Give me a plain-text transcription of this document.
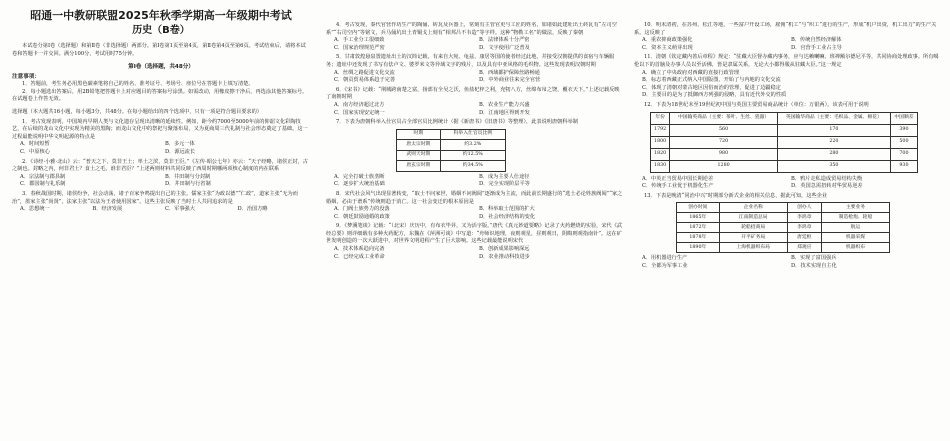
昭通一中教研联盟2025年秋季学期高一年级期中考试
历史（B卷）
本试卷分第Ⅰ卷（选择题）和第Ⅱ卷（非选择题）两部分。第Ⅰ卷第1页至第4页，第Ⅱ卷第4页至第6页。考试结束后，请将本试卷和答题卡一并交回。满分100分，考试用时75分钟。
第Ⅰ卷（选择题，共48分）
注意事项：
1．答题前，考生务必用黑色碳素笔将自己的姓名、准考证号、考场号、座位号在答题卡上填写清楚。
2．每小题选出答案后，用2B铅笔把答题卡上对应题目的答案标号涂黑。如需改动，用橡皮擦干净后，再选涂其他答案标号。在试题卷上作答无效。
选择题（本大题共16小题，每小题3分，共48分。在每小题给出的四个选项中，只有一项是符合题目要求的）
1．考古发现表明，中国境内早期人类与文化遗存呈现出清晰的延续性。例如，距今约7000至5000年前的仰韶文化彩陶技艺，在后续的龙山文化中实现为精美的黑陶；而龙山文化中的祭祀与聚落布局，又为夏商周三代礼制与社会形态奠定了基础。这一过程最能说明中华文明起源的特点是
A．时间短暂	B．多元一体
C．中原核心	D．源远流长
2．《诗经·小雅·北山》云：“普天之下，莫非王土；率土之滨，莫非王臣。”《左传·昭公七年》亦云：“天子经略，诸侯正封，古之制也。封略之内，何非君土？食土之毛，谁非君臣？”上述两则材料共同反映了西周时期哪两项核心制度的内在联系
A．宗法制与郡县制	B．井田制与分封制
C．郡国制与礼乐制	D．井田制与行省制
3．春秋战国时期，诸侯纷争，社会动荡，诸子百家争鸣提出自己的主张。儒家主张“为政以德”“仁政”，道家主张“无为而治”，墨家主张“尚贤”，法家主张“以法为王者使用国家”。这些主张反映了当时士人共同追求的是
A．思想统一	B．经济发展	C．军事强大	D．治国方略
4．考古发现，秦代官营作坊生产的陶俑、砖瓦及兵器上，常刻有主管官吏与工匠的姓名，如诸如此建址出土砖瓦有“左司空系”“右司空内”等铭文，兵马俑坑出土青铜戈上刻有“相邦吕不韦造”等字样。这种“物勒工名”的做法，反映了秦朝
A．手工业分工很细致	B．法律体系十分严密
C．国家治理规范严密	D．文字使用广泛普及
5．甘肃敦煌悬泉置遗址出土的汉简记载，有来自大宛、龟兹、康居等国的使者经过此地，并接受汉朝提供的食宿与车辆服务；遗址中还发现了书写有佉卢文、婆罗米文等异域文字的残片，以及具有中亚风格的毛织物。这些发现表明汉朝时期
A．丝绸之路促进文化交流	B．西域都护保障丝路畅通
C．朝贡贸易体系趋于完善	D．中外商业往来完全官营
6．《宋书》记载：“荆城跨南楚之富，扬部有全吴之沃，鱼盐杞梓之利，充牣八方，丝绵布帛之饶，覆衣天下。”上述记载反映了南朝时期
A．南方经济超过北方	B．农业生产能力兴盛
C．国家实现安定统一	D．江南地区得到开发
7．下表为唐朝科举入仕官员占全部官员比例统计（据《新唐书》《旧唐书》等整理），此表说明唐朝科举制
时期	科举入仕官员比例
唐太宗时期	约3.2%
武则天时期	约12.5%
唐玄宗时期	约34.5%
A．完全打破士族垄断	B．成为主要人仕途径
C．逐步扩大统治基础	D．完全实现阶层平等
8．宋代社会风气出现显著转变，“取士不问家世，婚姻不问阀阅”逐渐成为主流，而此前长期盛行的“选士必论姓族阀阅”“家之婚姻，必由于谱系”传统则趋于消亡。这一社会变迁的根本原因是
A．门阀士族势力的没落	B．科举取士范围的扩大
C．朝廷鼓励通婚的政策	D．社会经济结构的变化
9．《梦溪笔谈》记载：“（北宋）庆历中，有布衣毕昇，又为活字版。”唐代《真元妙道要略》记录了火药燃烧的实验，宋代《武经总要》则详细载有多种火药配方，东魏在《萍洲可谈》中写道：“舟师识地理，夜则观星，昼则观日，阴晦则观指南针”。这在矿世发明创造的一次大跃进中，对世界文明进程产生了巨大影响。这些记载最能说明宋代
A．技术体系趋向完备	B．创新成果影响深远
C．已经完成工业革命	D．农业推动科技进步
10．明末清初，在苏州、松江等地，一些富户开设工场，雇佣“机工”与“织工”进行的生产，形成“机户出资，机工出力”的生产关系。这反映了
A．重农抑商政策强化	B．传统自然经济解体
C．资本主义萌芽出现	D．官营手工业占主导
11．清朝《钦定藏内善后章程》规定：“驻藏大臣督办藏内事务，应与达赖喇嘛、班禅额尔德尼平等，共同协商处理政事。所有噶伦以下的首脑及办事人员以至活佛，皆是隶属关系，无论大小都得服从驻藏大臣。”这一规定
A．确立了中央政府对西藏的直接行政管理
B．标志着西藏正式纳入中国版图，开始了与内地的文化交流
C．体现了清朝对蒙古地区因俗而治的管理，促进了边疆稳定
D．主要目的是为了抵御西方列强的侵略，具有近代外交的性质
12．下表为18世纪末至19世纪初中国与英国主要贸易商品统计（单位：万银两）。该表可用于说明
年份	中国输英商品（主要：茶叶、生丝、瓷器）	英国输华商品（主要：毛织品、金属、棉花）	中国顺差
1792	560	170	390
1800	720	220	500
1820	980	280	700
1830	1280	350	930
A．中英正当贸易中国长期逆差	B．鸦片走私造成贸易结构失衡
C．传统手工业优于机器化生产	D．英国急需扭转对华贸易逆差
13．下表是晚清“同治中兴”时期部分新式企业的相关信息，据此可知，这些企业
创办时间	企业名称	创办人	主要业务
1865年	江南制造总局	李鸿章	制造枪炮、轮船
1872年	轮船招商局	李鸿章	航运
1878年	开平矿务局	唐廷枢	机器采煤
1890年	上海机器织布局	郑观应	机器织布
A．用机器进行生产	B．实现了富国强兵
C．全都为军事工业	D．技术实现自主化
